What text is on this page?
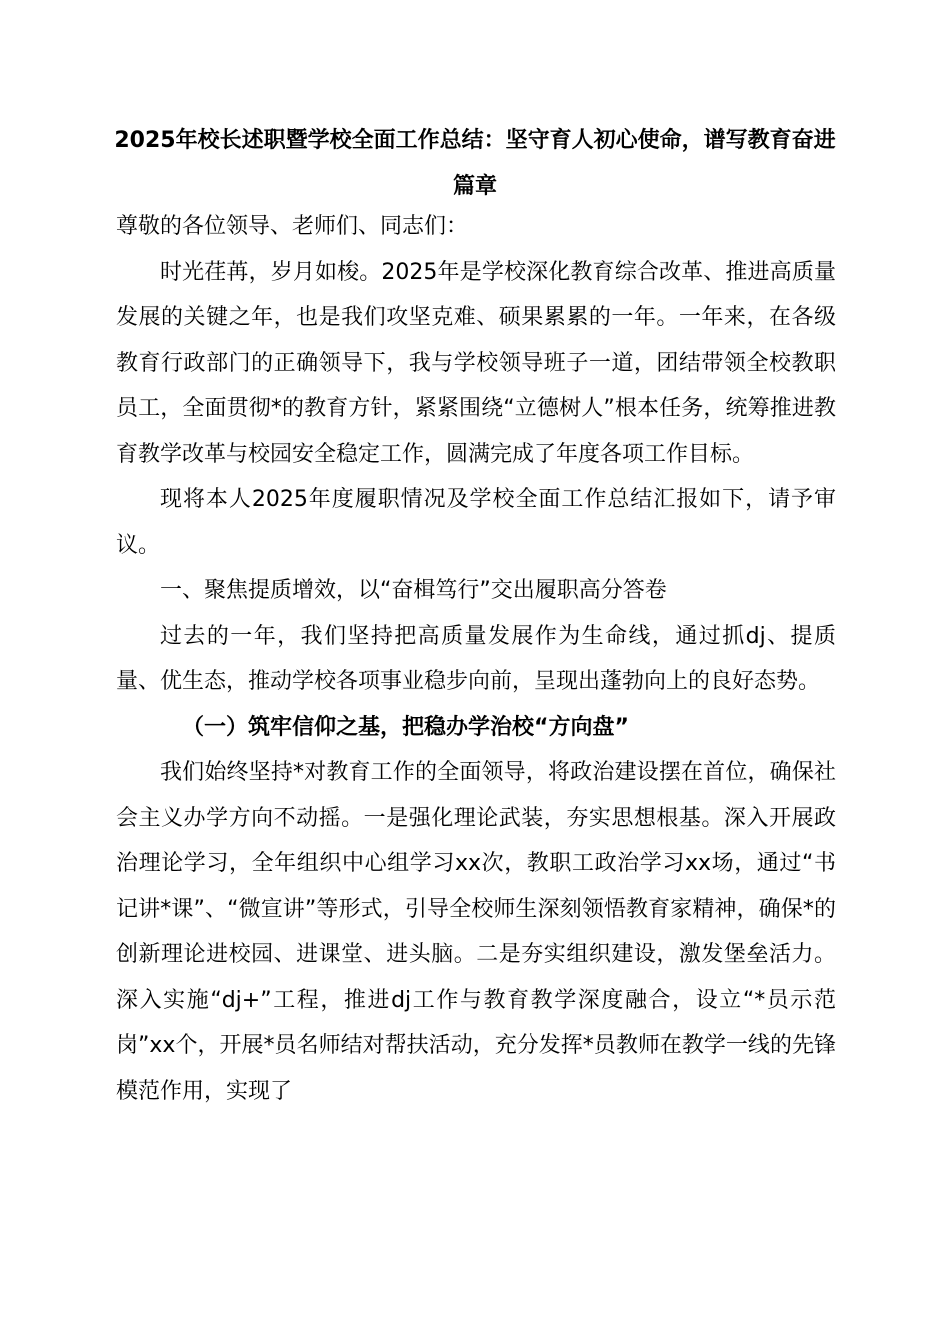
2025年校长述职暨学校全面工作总结：坚守育人初心使命，谱写教育奋进篇章

尊敬的各位领导、老师们、同志们：

时光荏苒，岁月如梭。2025年是学校深化教育综合改革、推进高质量发展的关键之年，也是我们攻坚克难、硕果累累的一年。一年来，在各级教育行政部门的正确领导下，我与学校领导班子一道，团结带领全校教职员工，全面贯彻*的教育方针，紧紧围绕“立德树人”根本任务，统筹推进教育教学改革与校园安全稳定工作，圆满完成了年度各项工作目标。

现将本人2025年度履职情况及学校全面工作总结汇报如下，请予审议。

一、聚焦提质增效，以“奋楫笃行”交出履职高分答卷

过去的一年，我们坚持把高质量发展作为生命线，通过抓dj、提质量、优生态，推动学校各项事业稳步向前，呈现出蓬勃向上的良好态势。

（一）筑牢信仰之基，把稳办学治校“方向盘”

我们始终坚持*对教育工作的全面领导，将政治建设摆在首位，确保社会主义办学方向不动摇。一是强化理论武装，夯实思想根基。深入开展政治理论学习，全年组织中心组学习xx次，教职工政治学习xx场，通过“书记讲*课”、“微宣讲”等形式，引导全校师生深刻领悟教育家精神，确保*的创新理论进校园、进课堂、进头脑。二是夯实组织建设，激发堡垒活力。深入实施“dj+”工程，推进dj工作与教育教学深度融合，设立“*员示范岗”xx个，开展*员名师结对帮扶活动，充分发挥*员教师在教学一线的先锋模范作用，实现了
